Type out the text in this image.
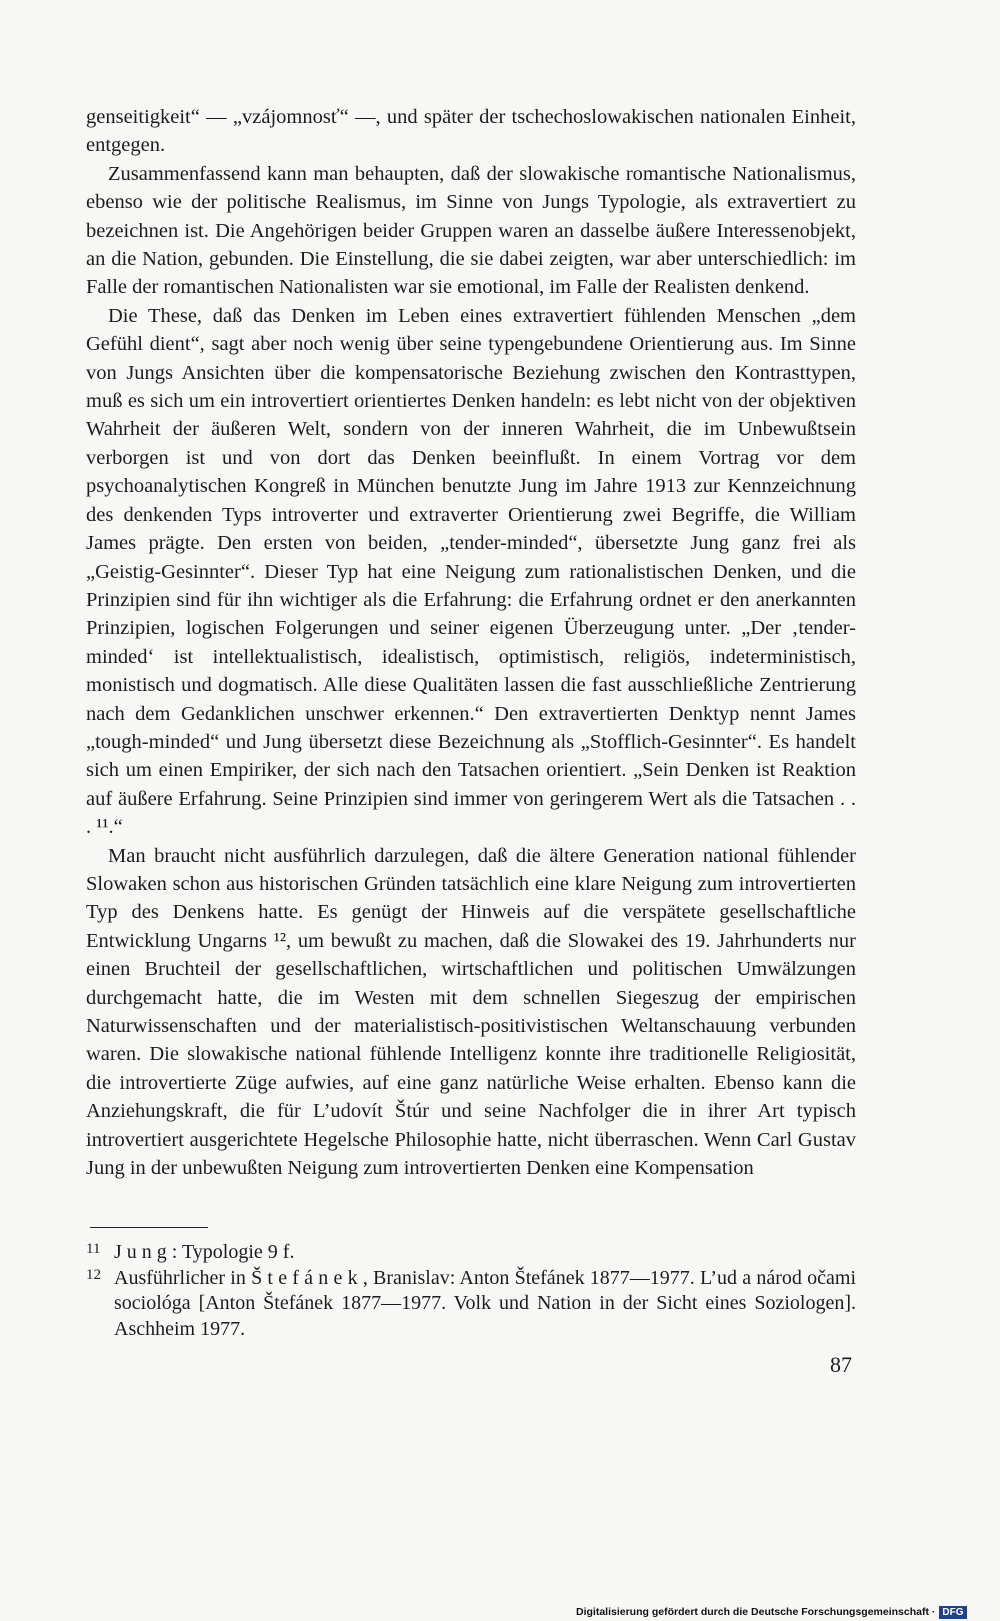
genseitigkeit“ — „vzájomnosť“ —, und später der tschechoslowakischen nationalen Einheit, entgegen.

Zusammenfassend kann man behaupten, daß der slowakische romantische Nationalismus, ebenso wie der politische Realismus, im Sinne von Jungs Typologie, als extravertiert zu bezeichnen ist. Die Angehörigen beider Gruppen waren an dasselbe äußere Interessenobjekt, an die Nation, gebunden. Die Einstellung, die sie dabei zeigten, war aber unterschiedlich: im Falle der romantischen Nationalisten war sie emotional, im Falle der Realisten denkend.

Die These, daß das Denken im Leben eines extravertiert fühlenden Menschen „dem Gefühl dient“, sagt aber noch wenig über seine typengebundene Orientierung aus. Im Sinne von Jungs Ansichten über die kompensatorische Beziehung zwischen den Kontrasttypen, muß es sich um ein introvertiert orientiertes Denken handeln: es lebt nicht von der objektiven Wahrheit der äußeren Welt, sondern von der inneren Wahrheit, die im Unbewußtsein verborgen ist und von dort das Denken beeinflußt. In einem Vortrag vor dem psychoanalytischen Kongreß in München benutzte Jung im Jahre 1913 zur Kennzeichnung des denkenden Typs introverter und extraverter Orientierung zwei Begriffe, die William James prägte. Den ersten von beiden, „tender-minded“, übersetzte Jung ganz frei als „Geistig-Gesinnter“. Dieser Typ hat eine Neigung zum rationalistischen Denken, und die Prinzipien sind für ihn wichtiger als die Erfahrung: die Erfahrung ordnet er den anerkannten Prinzipien, logischen Folgerungen und seiner eigenen Überzeugung unter. „Der ‚tender-minded‘ ist intellektualistisch, idealistisch, optimistisch, religiös, indeterministisch, monistisch und dogmatisch. Alle diese Qualitäten lassen die fast ausschließliche Zentrierung nach dem Gedanklichen unschwer erkennen.“ Den extravertierten Denktyp nennt James „tough-minded“ und Jung übersetzt diese Bezeichnung als „Stofflich-Gesinnter“. Es handelt sich um einen Empiriker, der sich nach den Tatsachen orientiert. „Sein Denken ist Reaktion auf äußere Erfahrung. Seine Prinzipien sind immer von geringerem Wert als die Tatsachen . . . ¹¹.“

Man braucht nicht ausführlich darzulegen, daß die ältere Generation national fühlender Slowaken schon aus historischen Gründen tatsächlich eine klare Neigung zum introvertierten Typ des Denkens hatte. Es genügt der Hinweis auf die verspätete gesellschaftliche Entwicklung Ungarns ¹², um bewußt zu machen, daß die Slowakei des 19. Jahrhunderts nur einen Bruchteil der gesellschaftlichen, wirtschaftlichen und politischen Umwälzungen durchgemacht hatte, die im Westen mit dem schnellen Siegeszug der empirischen Naturwissenschaften und der materialistisch-positivistischen Weltanschauung verbunden waren. Die slowakische national fühlende Intelligenz konnte ihre traditionelle Religiosität, die introvertierte Züge aufwies, auf eine ganz natürliche Weise erhalten. Ebenso kann die Anziehungskraft, die für L’udovít Štúr und seine Nachfolger die in ihrer Art typisch introvertiert ausgerichtete Hegelsche Philosophie hatte, nicht überraschen. Wenn Carl Gustav Jung in der unbewußten Neigung zum introvertierten Denken eine Kompensation

11 J u n g : Typologie 9 f.
12 Ausführlicher in Š t e f á n e k , Branislav: Anton Štefánek 1877—1977. L’ud a národ očami sociológa [Anton Štefánek 1877—1977. Volk und Nation in der Sicht eines Soziologen]. Aschheim 1977.
87
Digitalisierung gefördert durch die Deutsche Forschungsgemeinschaft · DFG
